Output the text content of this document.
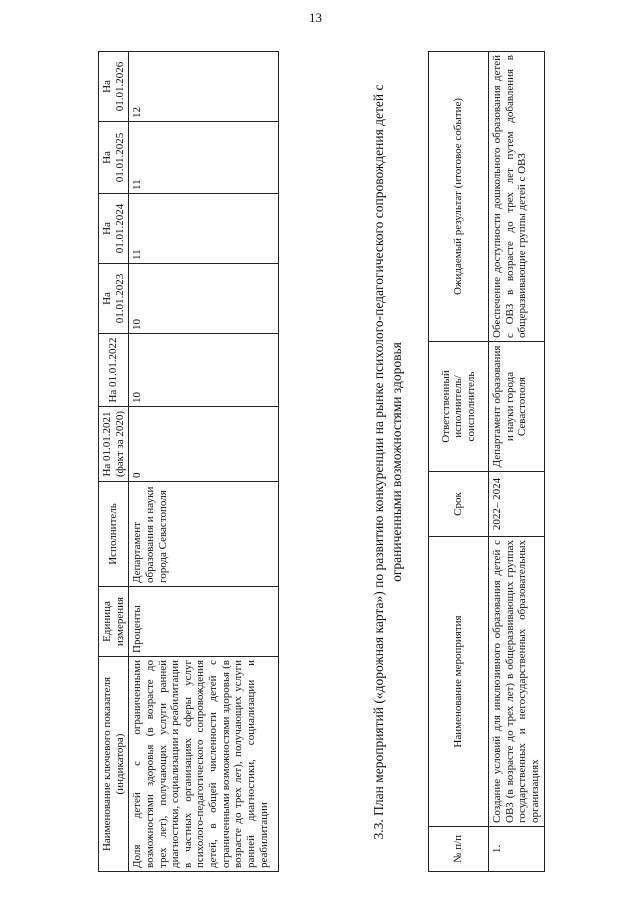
13
Наименование ключевого показателя (индикатора)	Единица измерения	Исполнитель	На 01.01.2021 (факт за 2020)	На 01.01.2022	На 01.01.2023	На 01.01.2024	На 01.01.2025	На 01.01.2026
Доля детей с ограниченными возможностями здоровья (в возрасте до трех лет), получающих услуги ранней диагностики, социализации и реабилитации в частных организациях сферы услуг психолого-педагогического сопровождения детей, в общей численности детей с ограниченными возможностями здоровья (в возрасте до трех лет), получающих услуги ранней диагностики, социализации и реабилитации	Проценты	Департамент образования и науки города Севастополя	0	10	10	11	11	12	3.3. План мероприятий («дорожная карта») по развитию конкуренции на рынке психолого-педагогического сопровождения детей с ограниченными возможностями здоровья
№ п/п	Наименование мероприятия	Срок	Ответственный исполнитель/ соисполнитель	Ожидаемый результат (итоговое событие)
1.	Создание условий для инклюзивного образования детей с ОВЗ (в возрасте до трех лет) в общеразвивающих группах государственных и негосударственных образовательных организациях	2022– 2024	Департамент образования и науки города Севастополя	Обеспечение доступности дошкольного образования детей с ОВЗ в возрасте до трех лет путем добавления в общеразвивающие группы детей с ОВЗ
